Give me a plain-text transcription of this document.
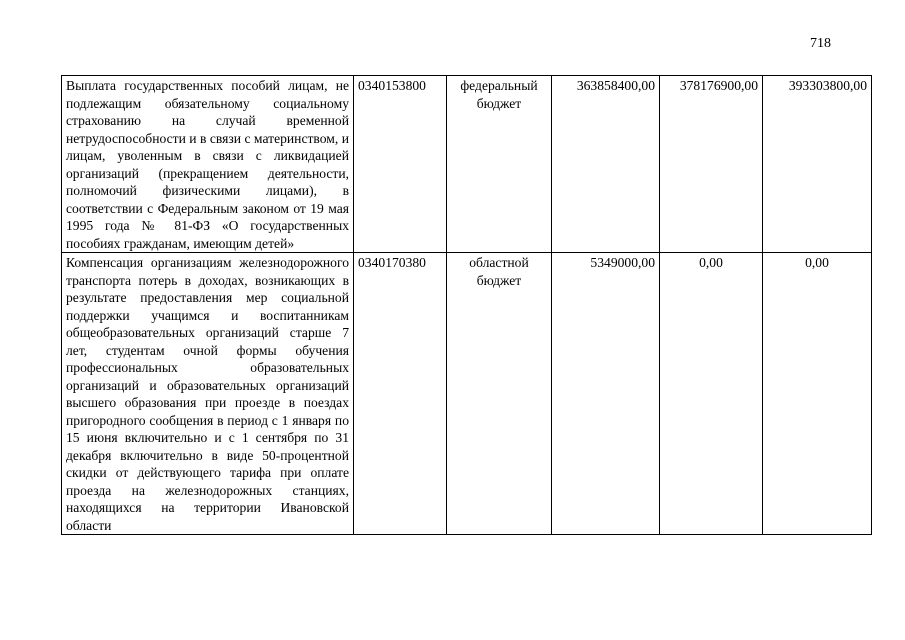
718
Выплата государственных пособий лицам, не подлежащим обязательному социальному страхованию на случай временной нетрудоспособности и в связи с материнством, и лицам, уволенным в связи с ликвидацией организаций (прекращением деятельности, полномочий физическими лицами), в соответствии с Федеральным законом от 19 мая 1995 года № 81-ФЗ «О государственных пособиях гражданам, имеющим детей»	0340153800	федеральный бюджет	363858400,00	378176900,00	393303800,00
Компенсация организациям железнодорожного транспорта потерь в доходах, возникающих в результате предоставления мер социальной поддержки учащимся и воспитанникам общеобразовательных организаций старше 7 лет, студентам очной формы обучения профессиональных образовательных организаций и образовательных организаций высшего образования при проезде в поездах пригородного сообщения в период с 1 января по 15 июня включительно и с 1 сентября по 31 декабря включительно в виде 50-процентной скидки от действующего тарифа при оплате проезда на железнодорожных станциях, находящихся на территории Ивановской области	0340170380	областной бюджет	5349000,00	0,00	0,00
